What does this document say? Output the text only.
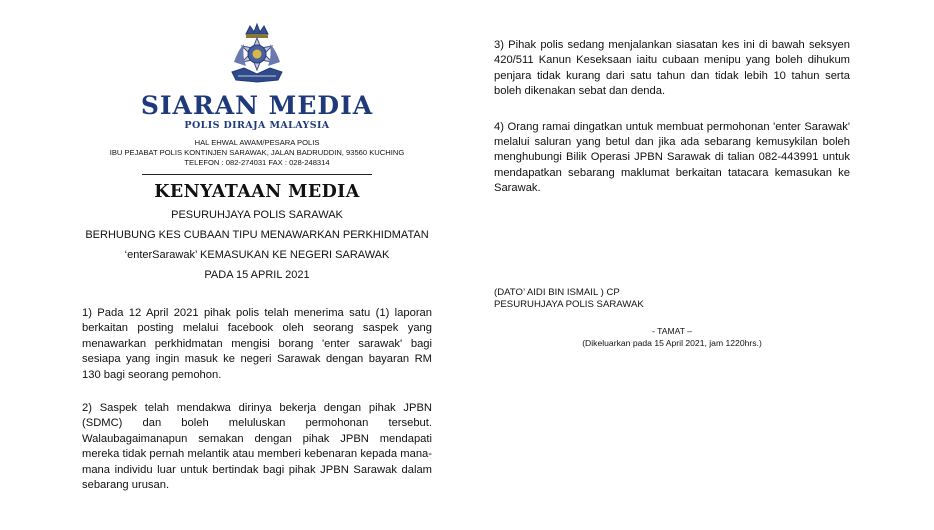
SIARAN MEDIA
POLIS DIRAJA MALAYSIA
HAL EHWAL AWAM/PESARA POLIS
IBU PEJABAT POLIS KONTINJEN SARAWAK, JALAN BADRUDDIN, 93560 KUCHING
TELEFON : 082-274031 FAX : 028-248314
KENYATAAN MEDIA
PESURUHJAYA POLIS SARAWAK
BERHUBUNG KES CUBAAN TIPU MENAWARKAN PERKHIDMATAN
‘enterSarawak’ KEMASUKAN KE NEGERI SARAWAK
PADA 15 APRIL 2021

1) Pada 12 April 2021 pihak polis telah menerima satu (1) laporan berkaitan posting melalui facebook oleh seorang saspek yang menawarkan perkhidmatan mengisi borang 'enter sarawak' bagi sesiapa yang ingin masuk ke negeri Sarawak dengan bayaran RM 130 bagi seorang pemohon.

2) Saspek telah mendakwa dirinya bekerja dengan pihak JPBN (SDMC) dan boleh meluluskan permohonan tersebut. Walaubagaimanapun semakan dengan pihak JPBN mendapati mereka tidak pernah melantik atau memberi kebenaran kepada mana-mana individu luar untuk bertindak bagi pihak JPBN Sarawak dalam sebarang urusan.

3) Pihak polis sedang menjalankan siasatan kes ini di bawah seksyen 420/511 Kanun Keseksaan iaitu cubaan menipu yang boleh dihukum penjara tidak kurang dari satu tahun dan tidak lebih 10 tahun serta boleh dikenakan sebat dan denda.

4) Orang ramai dingatkan untuk membuat permohonan 'enter Sarawak' melalui saluran yang betul dan jika ada sebarang kemusykilan boleh menghubungi Bilik Operasi JPBN Sarawak di talian 082-443991 untuk mendapatkan sebarang maklumat berkaitan tatacara kemasukan ke Sarawak.

(DATO’ AIDI BIN ISMAIL ) CP
PESURUHJAYA POLIS SARAWAK
- TAMAT –
(Dikeluarkan pada 15 April 2021, jam 1220hrs.)
